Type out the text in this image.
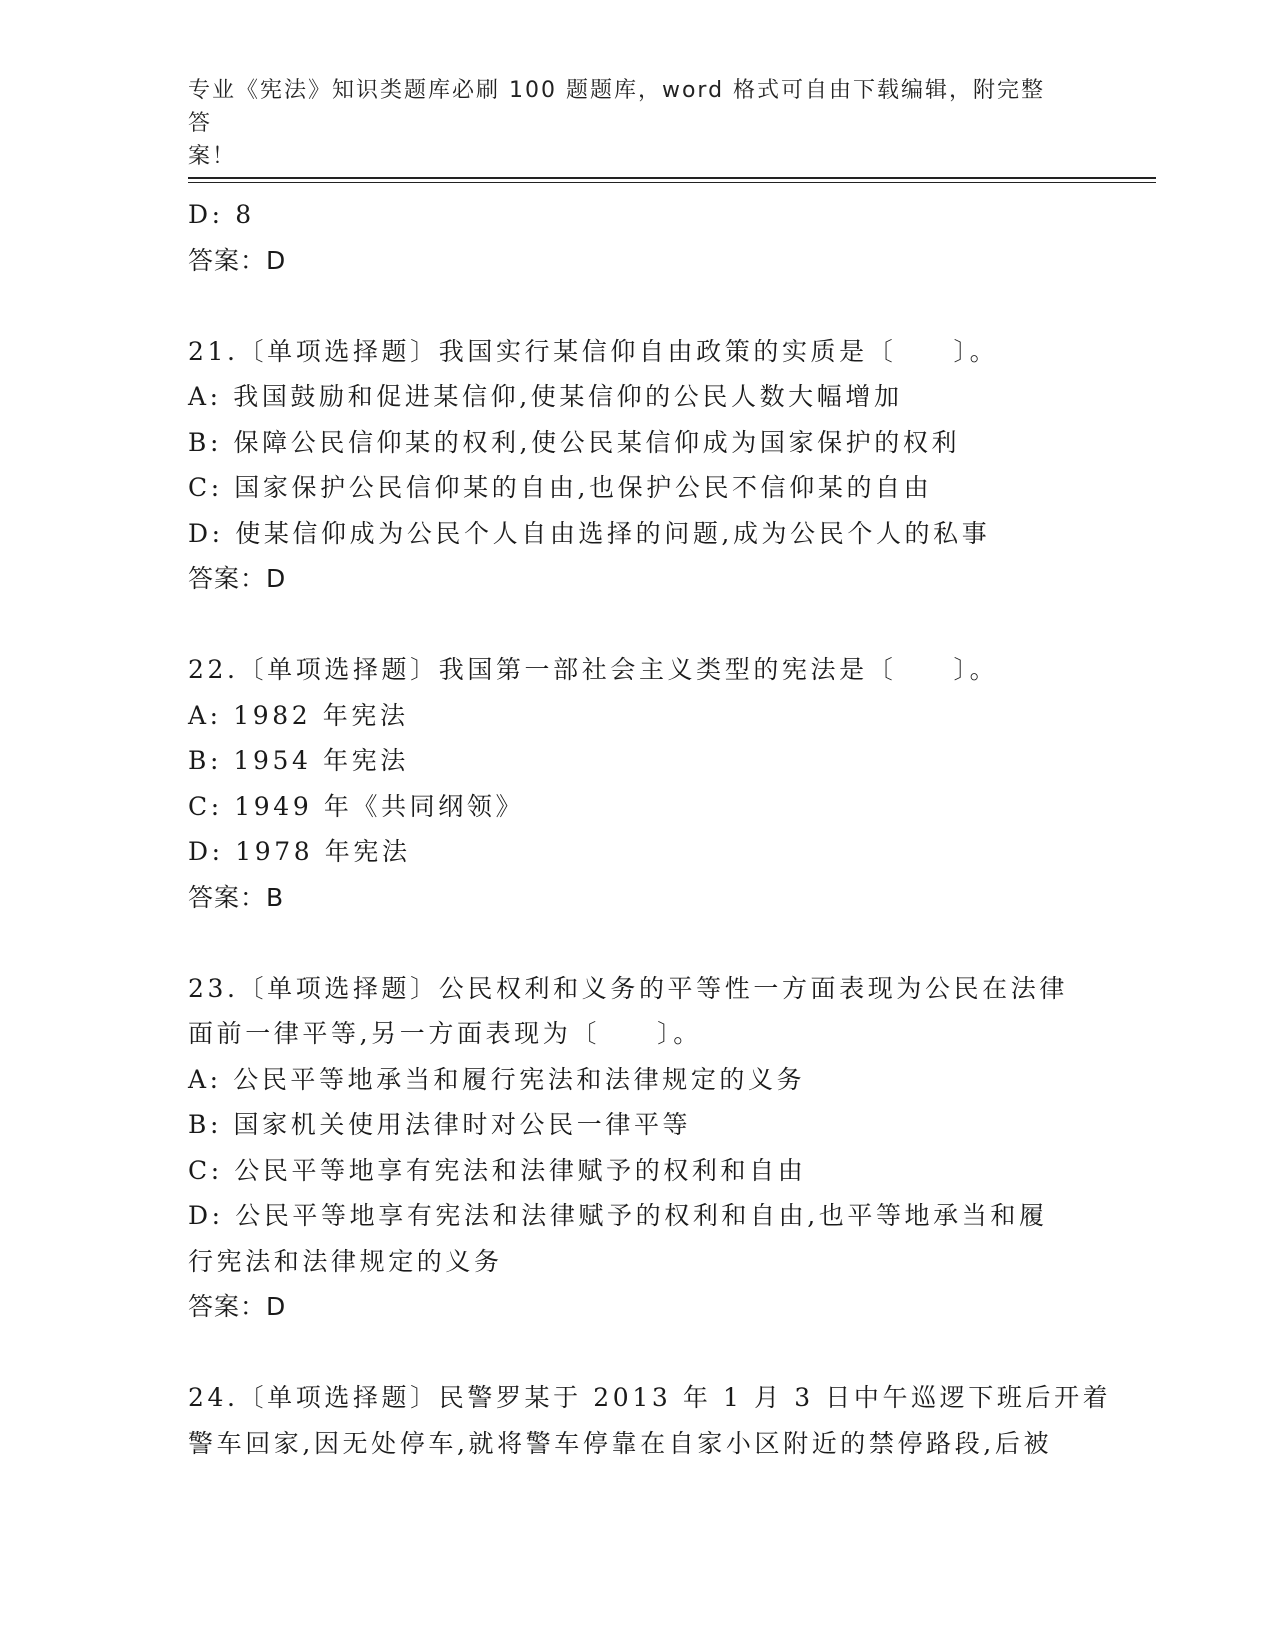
专业《宪法》知识类题库必刷 100 题题库，word 格式可自由下载编辑，附完整答
案！
D: 8
答案：D
21.〔单项选择题〕我国实行某信仰自由政策的实质是〔　　〕。
A: 我国鼓励和促进某信仰,使某信仰的公民人数大幅增加
B: 保障公民信仰某的权利,使公民某信仰成为国家保护的权利
C: 国家保护公民信仰某的自由,也保护公民不信仰某的自由
D: 使某信仰成为公民个人自由选择的问题,成为公民个人的私事
答案：D
22.〔单项选择题〕我国第一部社会主义类型的宪法是〔　　〕。
A: 1982 年宪法
B: 1954 年宪法
C: 1949 年《共同纲领》
D: 1978 年宪法
答案：B
23.〔单项选择题〕公民权利和义务的平等性一方面表现为公民在法律
面前一律平等,另一方面表现为〔　　〕。
A: 公民平等地承当和履行宪法和法律规定的义务
B: 国家机关使用法律时对公民一律平等
C: 公民平等地享有宪法和法律赋予的权利和自由
D: 公民平等地享有宪法和法律赋予的权利和自由,也平等地承当和履
行宪法和法律规定的义务
答案：D
24.〔单项选择题〕民警罗某于 2013 年 1 月 3 日中午巡逻下班后开着
警车回家,因无处停车,就将警车停靠在自家小区附近的禁停路段,后被
